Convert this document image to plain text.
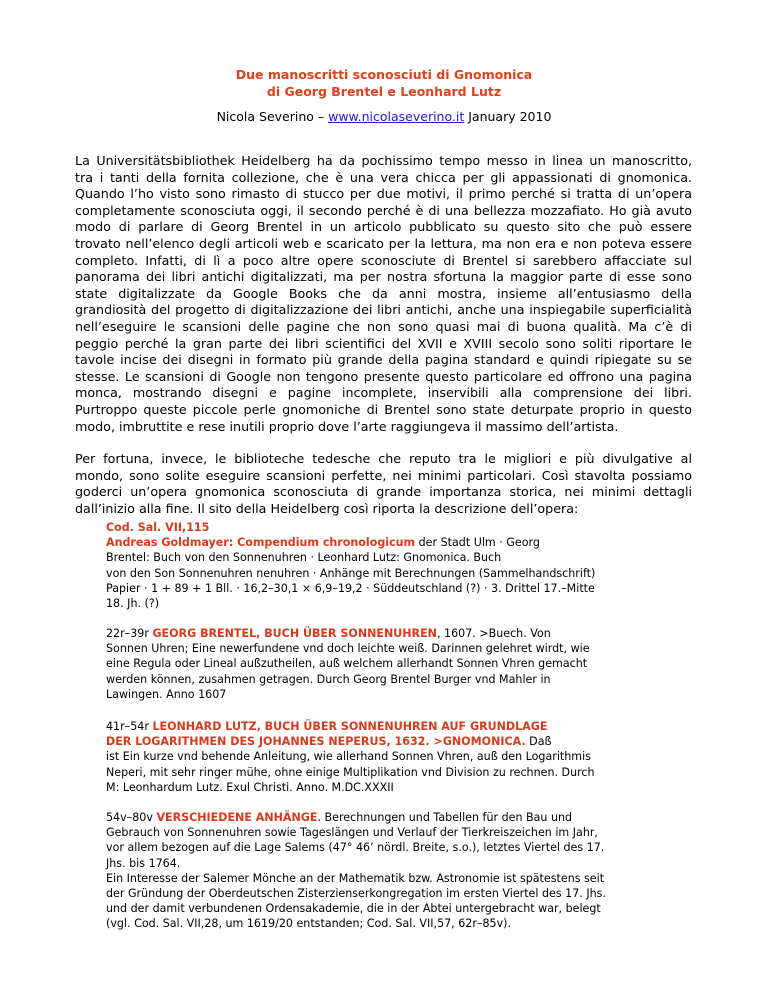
Due manoscritti sconosciuti di Gnomonica
di Georg Brentel e Leonhard Lutz
Nicola Severino – www.nicolaseverino.it January 2010
La Universitätsbibliothek Heidelberg ha da pochissimo tempo messo in linea un manoscritto,
tra i tanti della fornita collezione, che è una vera chicca per gli appassionati di gnomonica.
Quando l’ho visto sono rimasto di stucco per due motivi, il primo perché si tratta di un’opera
completamente sconosciuta oggi, il secondo perché è di una bellezza mozzafiato. Ho già avuto
modo di parlare di Georg Brentel in un articolo pubblicato su questo sito che può essere
trovato nell’elenco degli articoli web e scaricato per la lettura, ma non era e non poteva essere
completo. Infatti, di lì a poco altre opere sconosciute di Brentel si sarebbero affacciate sul
panorama dei libri antichi digitalizzati, ma per nostra sfortuna la maggior parte di esse sono
state digitalizzate da Google Books che da anni mostra, insieme all’entusiasmo della
grandiosità del progetto di digitalizzazione dei libri antichi, anche una inspiegabile superficialità
nell’eseguire le scansioni delle pagine che non sono quasi mai di buona qualità. Ma c’è di
peggio perché la gran parte dei libri scientifici del XVII e XVIII secolo sono soliti riportare le
tavole incise dei disegni in formato più grande della pagina standard e quindi ripiegate su se
stesse. Le scansioni di Google non tengono presente questo particolare ed offrono una pagina
monca, mostrando disegni e pagine incomplete, inservibili alla comprensione dei libri.
Purtroppo queste piccole perle gnomoniche di Brentel sono state deturpate proprio in questo
modo, imbruttite e rese inutili proprio dove l’arte raggiungeva il massimo dell’artista.
Per fortuna, invece, le biblioteche tedesche che reputo tra le migliori e più divulgative al
mondo, sono solite eseguire scansioni perfette, nei minimi particolari. Così stavolta possiamo
goderci un’opera gnomonica sconosciuta di grande importanza storica, nei minimi dettagli
dall’inizio alla fine. Il sito della Heidelberg così riporta la descrizione dell’opera:
Cod. Sal. VII,115
Andreas Goldmayer: Compendium chronologicum der Stadt Ulm · Georg
Brentel: Buch von den Sonnenuhren · Leonhard Lutz: Gnomonica. Buch
von den Son Sonnenuhren nenuhren · Anhänge mit Berechnungen (Sammelhandschrift)
Papier · 1 + 89 + 1 Bll. · 16,2–30,1 × 6,9–19,2 · Süddeutschland (?) · 3. Drittel 17.–Mitte
18. Jh. (?)
22r–39r GEORG BRENTEL, BUCH ÜBER SONNENUHREN, 1607. >Buech. Von
Sonnen Uhren; Eine newerfundene vnd doch leichte weiß. Darinnen gelehret wirdt, wie
eine Regula oder Lineal außzutheilen, auß welchem allerhandt Sonnen Vhren gemacht
werden können, zusahmen getragen. Durch Georg Brentel Burger vnd Mahler in
Lawingen. Anno 1607
41r–54r LEONHARD LUTZ, BUCH ÜBER SONNENUHREN AUF GRUNDLAGE
DER LOGARITHMEN DES JOHANNES NEPERUS, 1632. >GNOMONICA. Daß
ist Ein kurze vnd behende Anleitung, wie allerhand Sonnen Vhren, auß den Logarithmis
Neperi, mit sehr ringer mühe, ohne einige Multiplikation vnd Division zu rechnen. Durch
M: Leonhardum Lutz. Exul Christi. Anno. M.DC.XXXII
54v–80v VERSCHIEDENE ANHÄNGE. Berechnungen und Tabellen für den Bau und
Gebrauch von Sonnenuhren sowie Tageslängen und Verlauf der Tierkreiszeichen im Jahr,
vor allem bezogen auf die Lage Salems (47° 46’ nördl. Breite, s.o.), letztes Viertel des 17.
Jhs. bis 1764.
Ein Interesse der Salemer Mönche an der Mathematik bzw. Astronomie ist spätestens seit
der Gründung der Oberdeutschen Zisterzienserkongregation im ersten Viertel des 17. Jhs.
und der damit verbundenen Ordensakademie, die in der Abtei untergebracht war, belegt
(vgl. Cod. Sal. VII,28, um 1619/20 entstanden; Cod. Sal. VII,57, 62r–85v).
